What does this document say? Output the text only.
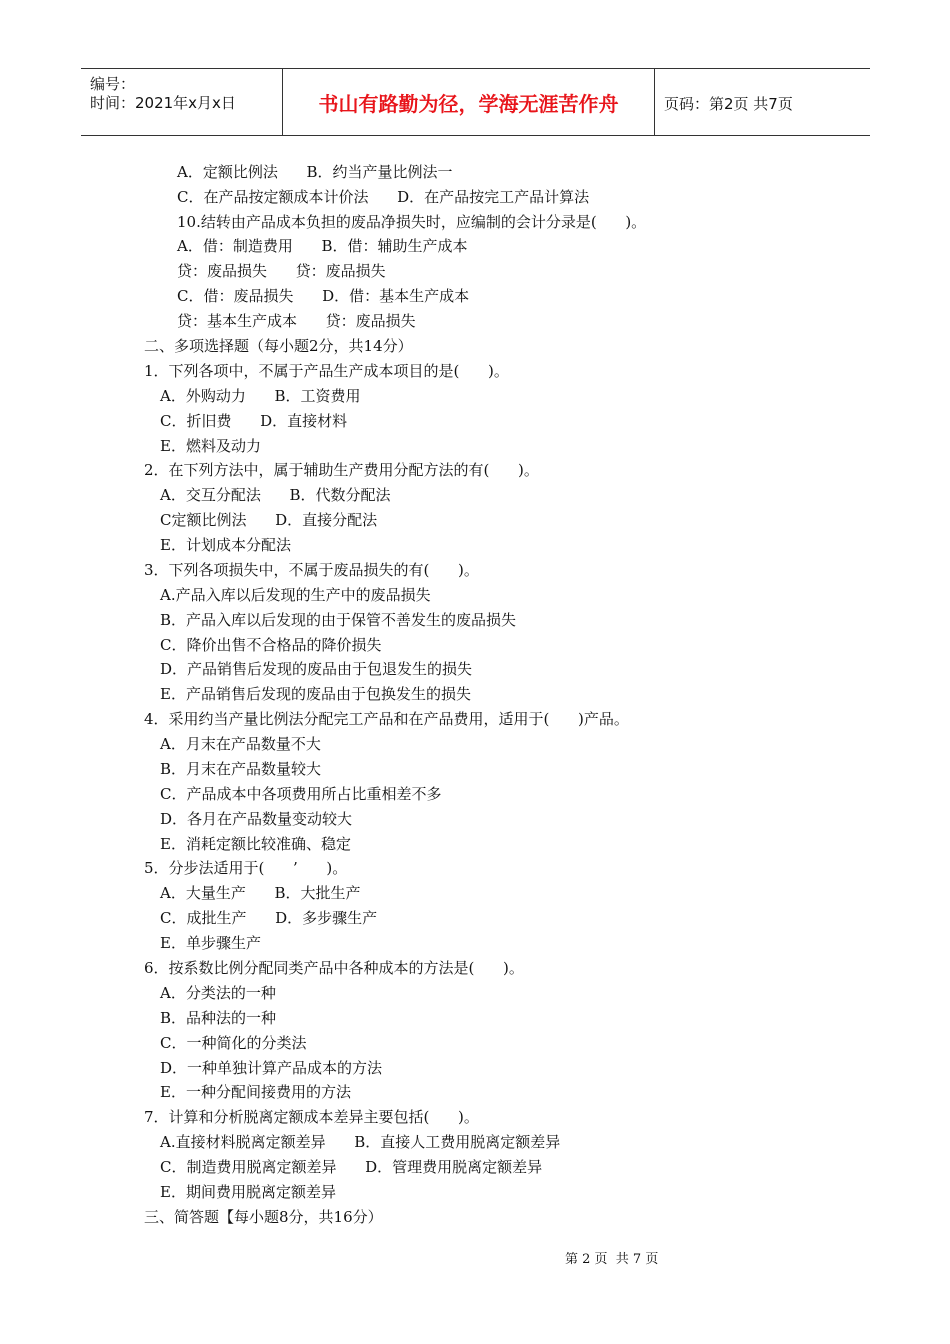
编号：
时间：2021年x月x日	书山有路勤为径，学海无涯苦作舟	页码：第2页 共7页
A．定额比例法      B．约当产量比例法一
C．在产品按定额成本计价法      D．在产品按完工产品计算法
10.结转由产品成本负担的废品净损失时，应编制的会计分录是(      )。
A．借：制造费用      B．借：辅助生产成本
贷：废品损失      贷：废品损失
C．借：废品损失      D．借：基本生产成本
贷：基本生产成本      贷：废品损失
二、多项选择题（每小题2分，共14分）
1．下列各项中，不属于产品生产成本项目的是(      )。
A．外购动力      B．工资费用
C．折旧费      D．直接材料
E．燃料及动力
2．在下列方法中，属于辅助生产费用分配方法的有(      )。
A．交互分配法      B．代数分配法
C定额比例法      D．直接分配法
E．计划成本分配法
3．下列各项损失中，不属于废品损失的有(      )。
A.产品入库以后发现的生产中的废品损失
B．产品入库以后发现的由于保管不善发生的废品损失
C．降价出售不合格品的降价损失
D．产品销售后发现的废品由于包退发生的损失
E．产品销售后发现的废品由于包换发生的损失
4．采用约当产量比例法分配完工产品和在产品费用，适用于(      )产品。
A．月末在产品数量不大
B．月末在产品数量较大
C．产品成本中各项费用所占比重相差不多
D．各月在产品数量变动较大
E．消耗定额比较准确、稳定
5．分步法适用于(      ’      )。
A．大量生产      B．大批生产
C．成批生产      D．多步骤生产
E．单步骤生产
6．按系数比例分配同类产品中各种成本的方法是(      )。
A．分类法的一种
B．品种法的一种
C．一种简化的分类法
D．一种单独计算产品成本的方法
E．一种分配间接费用的方法
7．计算和分析脱离定额成本差异主要包括(      )。
A.直接材料脱离定额差异      B．直接人工费用脱离定额差异
C．制造费用脱离定额差异      D．管理费用脱离定额差异
E．期间费用脱离定额差异
三、简答题【每小题8分，共16分）
第 2 页  共 7 页
